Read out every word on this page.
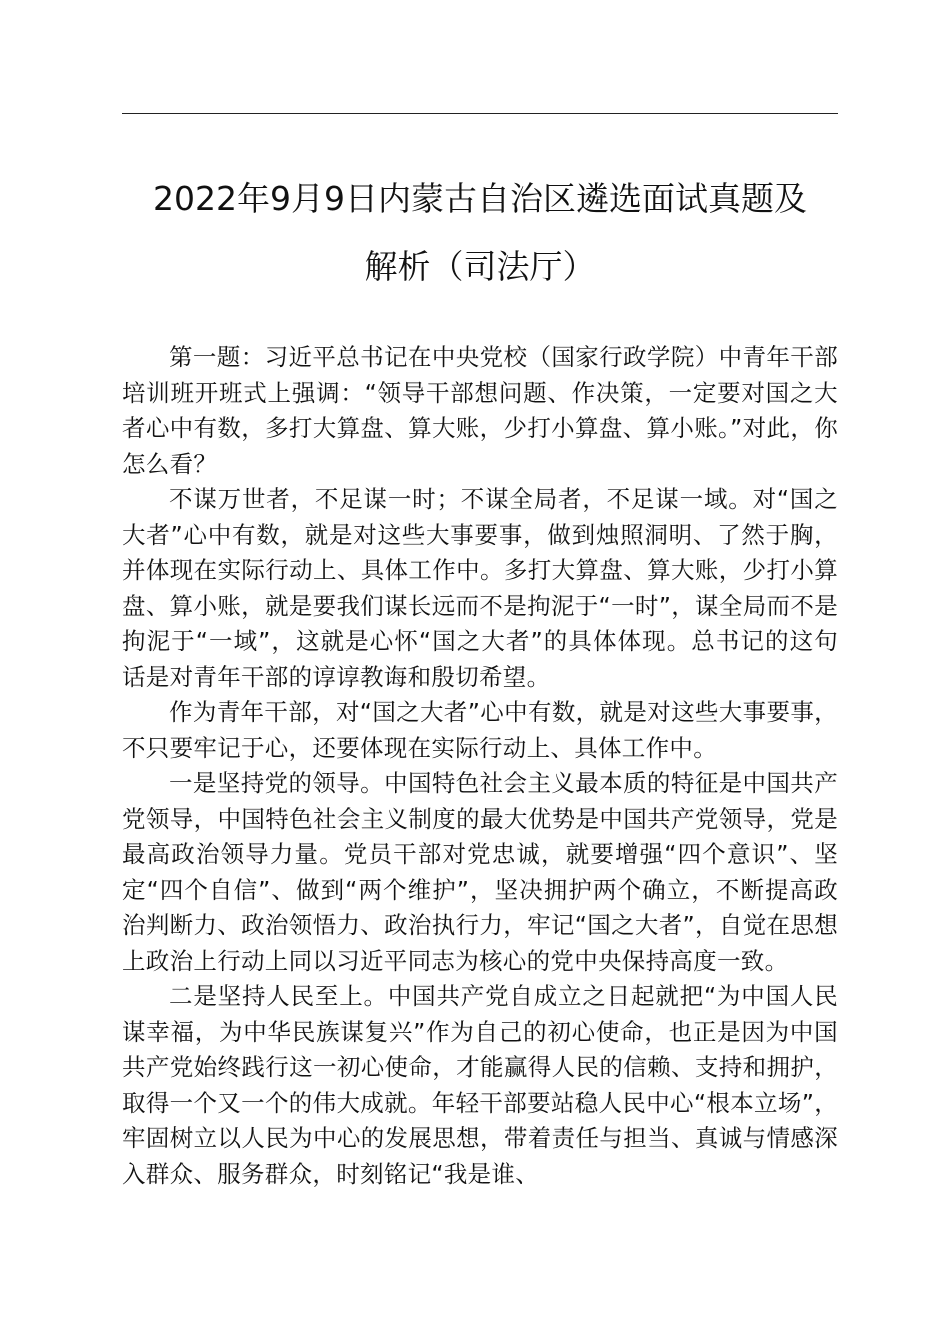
2022年9月9日内蒙古自治区遴选面试真题及
解析（司法厅）

第一题：习近平总书记在中央党校（国家行政学院）中青年干部培训班开班式上强调：“领导干部想问题、作决策，一定要对国之大者心中有数，多打大算盘、算大账，少打小算盘、算小账。”对此，你怎么看？

不谋万世者，不足谋一时；不谋全局者，不足谋一域。对“国之大者”心中有数，就是对这些大事要事，做到烛照洞明、了然于胸，并体现在实际行动上、具体工作中。多打大算盘、算大账，少打小算盘、算小账，就是要我们谋长远而不是拘泥于“一时”，谋全局而不是拘泥于“一域”，这就是心怀“国之大者”的具体体现。总书记的这句话是对青年干部的谆谆教诲和殷切希望。

作为青年干部，对“国之大者”心中有数，就是对这些大事要事，不只要牢记于心，还要体现在实际行动上、具体工作中。

一是坚持党的领导。中国特色社会主义最本质的特征是中国共产党领导，中国特色社会主义制度的最大优势是中国共产党领导，党是最高政治领导力量。党员干部对党忠诚，就要增强“四个意识”、坚定“四个自信”、做到“两个维护”，坚决拥护两个确立，不断提高政治判断力、政治领悟力、政治执行力，牢记“国之大者”，自觉在思想上政治上行动上同以习近平同志为核心的党中央保持高度一致。

二是坚持人民至上。中国共产党自成立之日起就把“为中国人民谋幸福，为中华民族谋复兴”作为自己的初心使命，也正是因为中国共产党始终践行这一初心使命，才能赢得人民的信赖、支持和拥护，取得一个又一个的伟大成就。年轻干部要站稳人民中心“根本立场”，牢固树立以人民为中心的发展思想，带着责任与担当、真诚与情感深入群众、服务群众，时刻铭记“我是谁、
